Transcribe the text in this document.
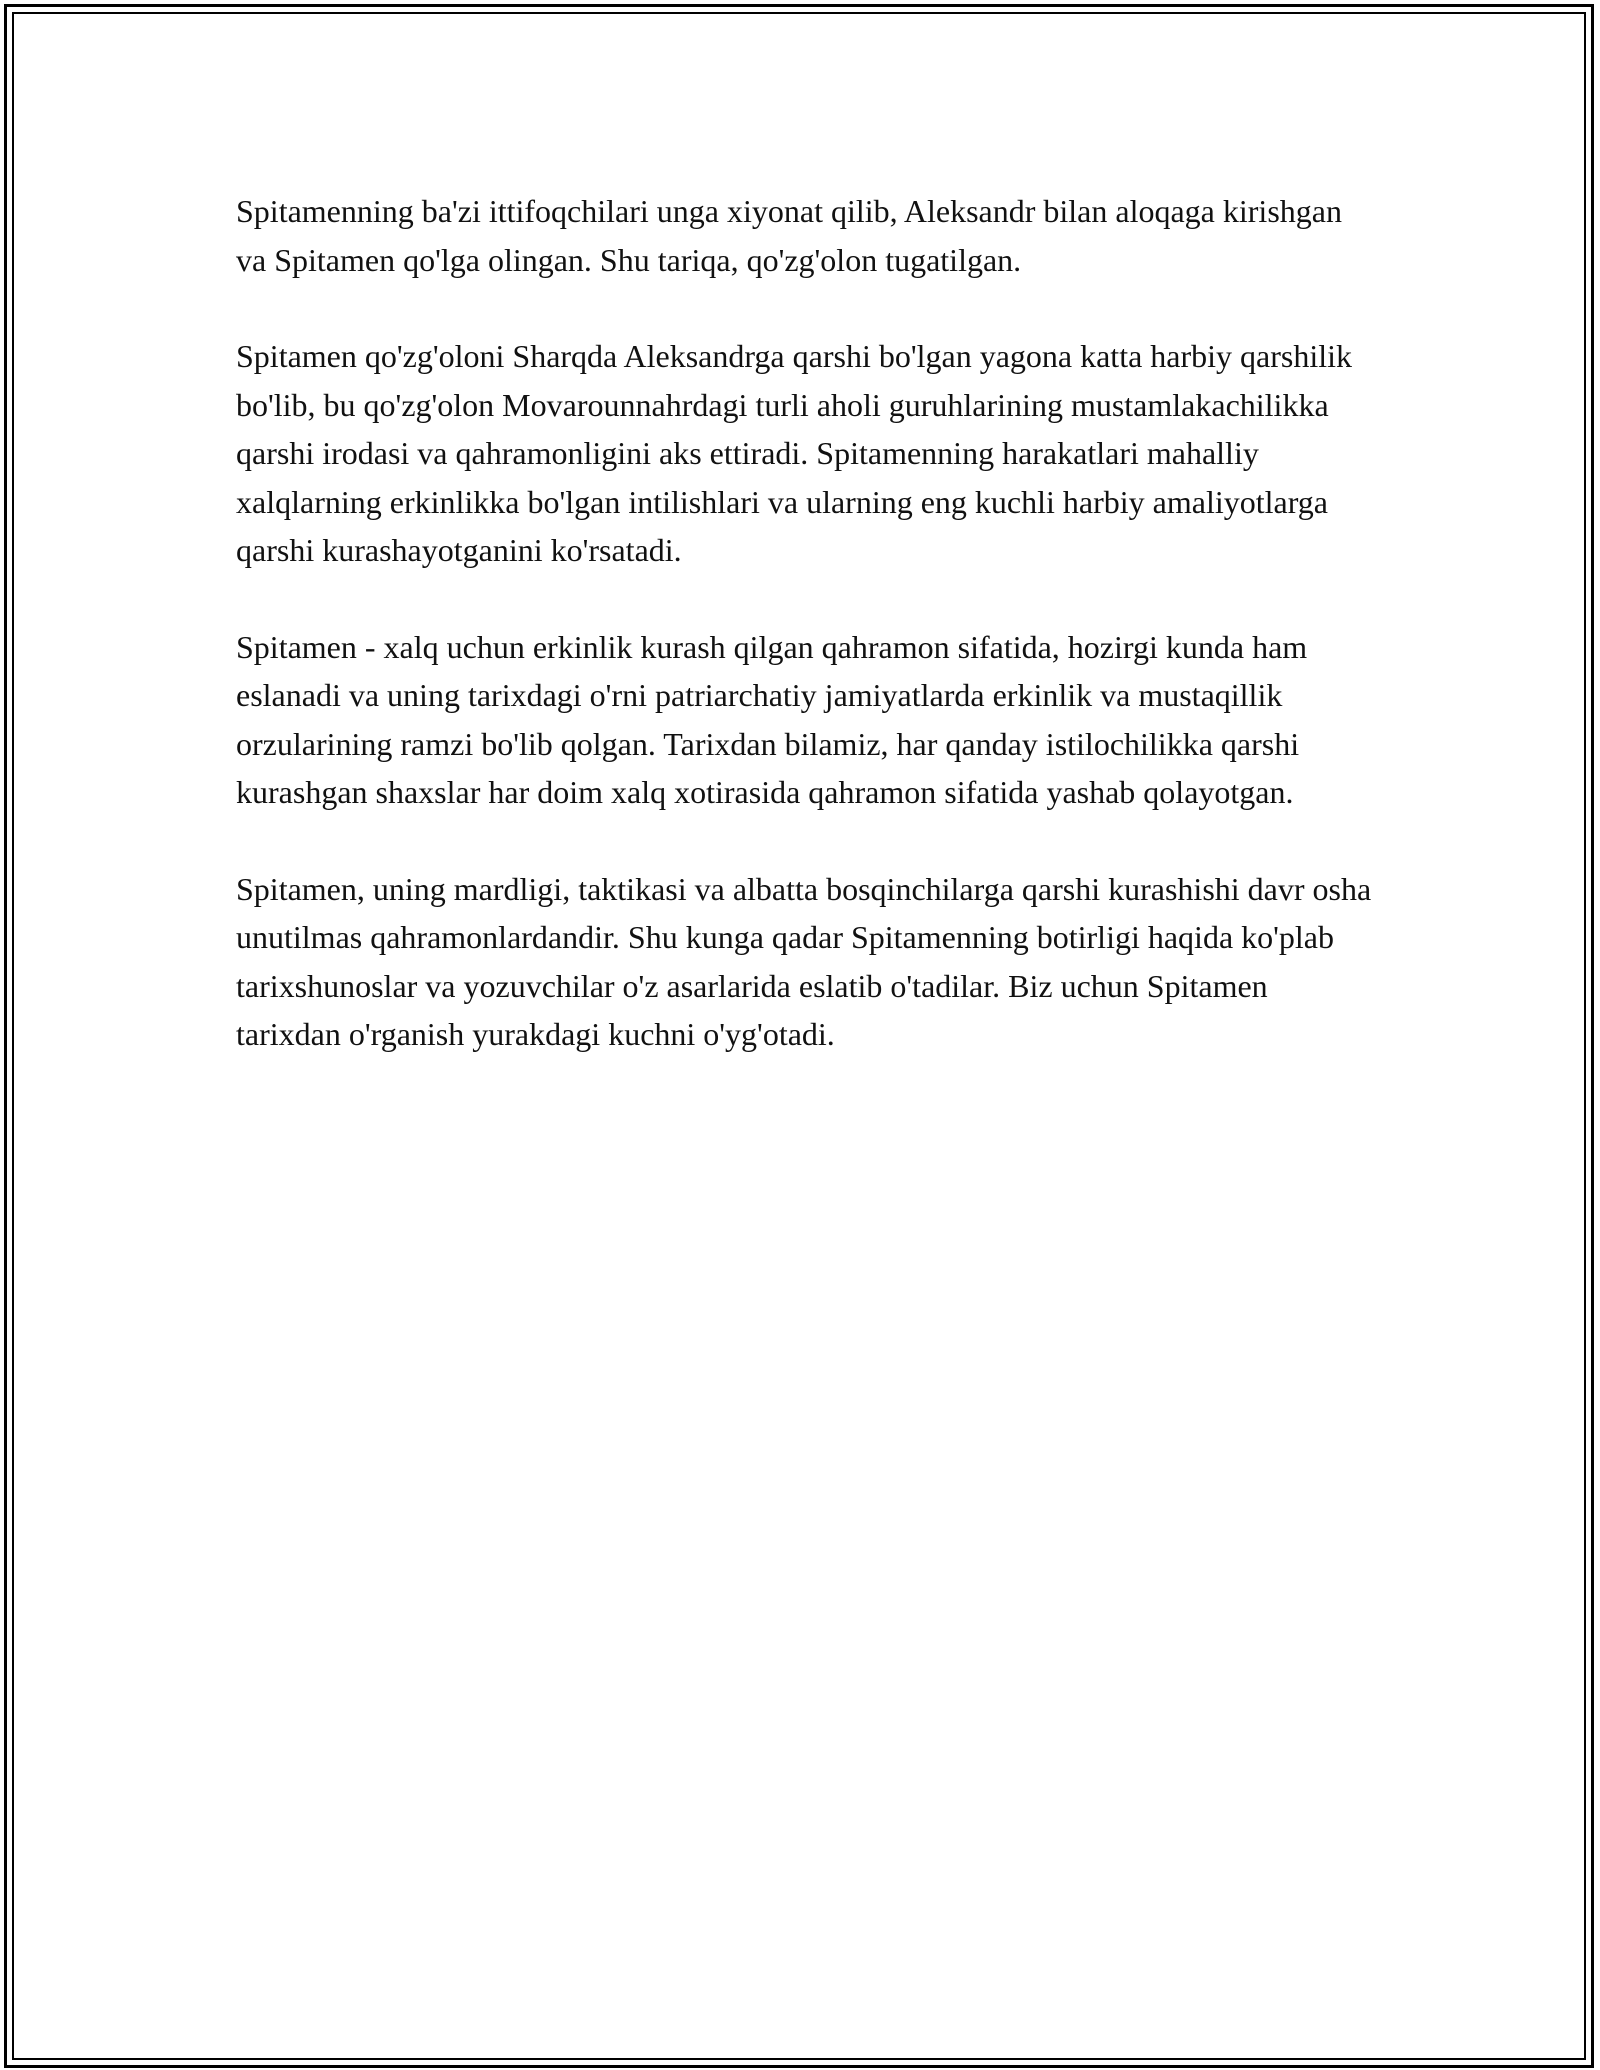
Spitamenning ba'zi ittifoqchilari unga xiyonat qilib, Aleksandr bilan aloqaga kirishgan va Spitamen qo'lga olingan. Shu tariqa, qo'zg'olon tugatilgan.

Spitamen qo'zg'oloni Sharqda Aleksandrga qarshi bo'lgan yagona katta harbiy qarshilik bo'lib, bu qo'zg'olon Movarounnahrdagi turli aholi guruhlarining mustamlakachilikka qarshi irodasi va qahramonligini aks ettiradi. Spitamenning harakatlari mahalliy xalqlarning erkinlikka bo'lgan intilishlari va ularning eng kuchli harbiy amaliyotlarga qarshi kurashayotganini ko'rsatadi.

Spitamen - xalq uchun erkinlik kurash qilgan qahramon sifatida, hozirgi kunda ham eslanadi va uning tarixdagi o'rni patriarchatiy jamiyatlarda erkinlik va mustaqillik orzularining ramzi bo'lib qolgan. Tarixdan bilamiz, har qanday istilochilikka qarshi kurashgan shaxslar har doim xalq xotirasida qahramon sifatida yashab qolayotgan.

Spitamen, uning mardligi, taktikasi va albatta bosqinchilarga qarshi kurashishi davr osha unutilmas qahramonlardandir. Shu kunga qadar Spitamenning botirligi haqida ko'plab tarixshunoslar va yozuvchilar o'z asarlarida eslatib o'tadilar. Biz uchun Spitamen tarixdan o'rganish yurakdagi kuchni o'yg'otadi.
